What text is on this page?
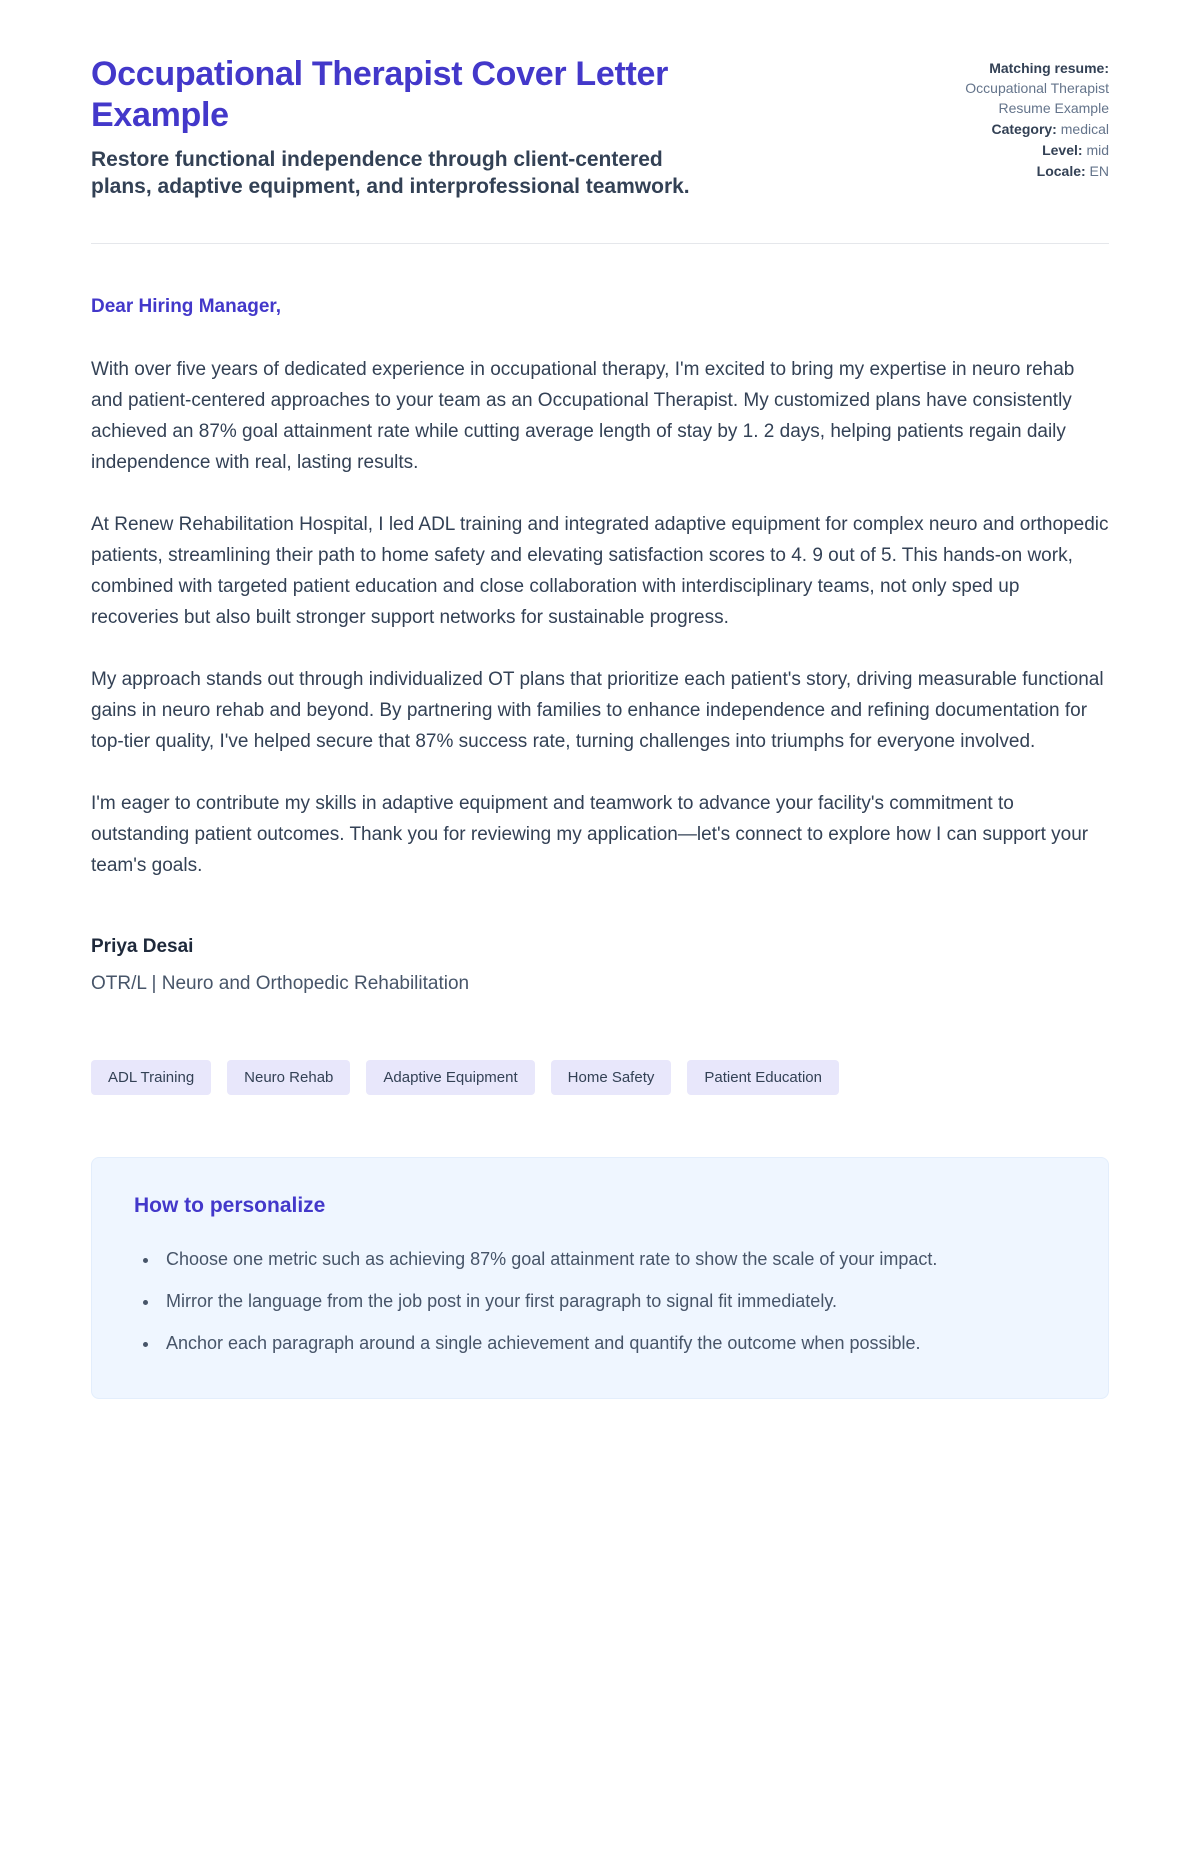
Occupational Therapist Cover Letter Example
Restore functional independence through client-centered plans, adaptive equipment, and interprofessional teamwork.
Matching resume:
Occupational Therapist Resume Example
Category: medical
Level: mid
Locale: EN
Dear Hiring Manager,

With over five years of dedicated experience in occupational therapy, I'm excited to bring my expertise in neuro rehab and patient-centered approaches to your team as an Occupational Therapist. My customized plans have consistently achieved an 87% goal attainment rate while cutting average length of stay by 1. 2 days, helping patients regain daily independence with real, lasting results.

At Renew Rehabilitation Hospital, I led ADL training and integrated adaptive equipment for complex neuro and orthopedic patients, streamlining their path to home safety and elevating satisfaction scores to 4. 9 out of 5. This hands-on work, combined with targeted patient education and close collaboration with interdisciplinary teams, not only sped up recoveries but also built stronger support networks for sustainable progress.

My approach stands out through individualized OT plans that prioritize each patient's story, driving measurable functional gains in neuro rehab and beyond. By partnering with families to enhance independence and refining documentation for top-tier quality, I've helped secure that 87% success rate, turning challenges into triumphs for everyone involved.

I'm eager to contribute my skills in adaptive equipment and teamwork to advance your facility's commitment to outstanding patient outcomes. Thank you for reviewing my application—let's connect to explore how I can support your team's goals.

Priya Desai
OTR/L | Neuro and Orthopedic Rehabilitation
ADL Training	Neuro Rehab	Adaptive Equipment	Home Safety	Patient Education
How to personalize
• Choose one metric such as achieving 87% goal attainment rate to show the scale of your impact.
• Mirror the language from the job post in your first paragraph to signal fit immediately.
• Anchor each paragraph around a single achievement and quantify the outcome when possible.
